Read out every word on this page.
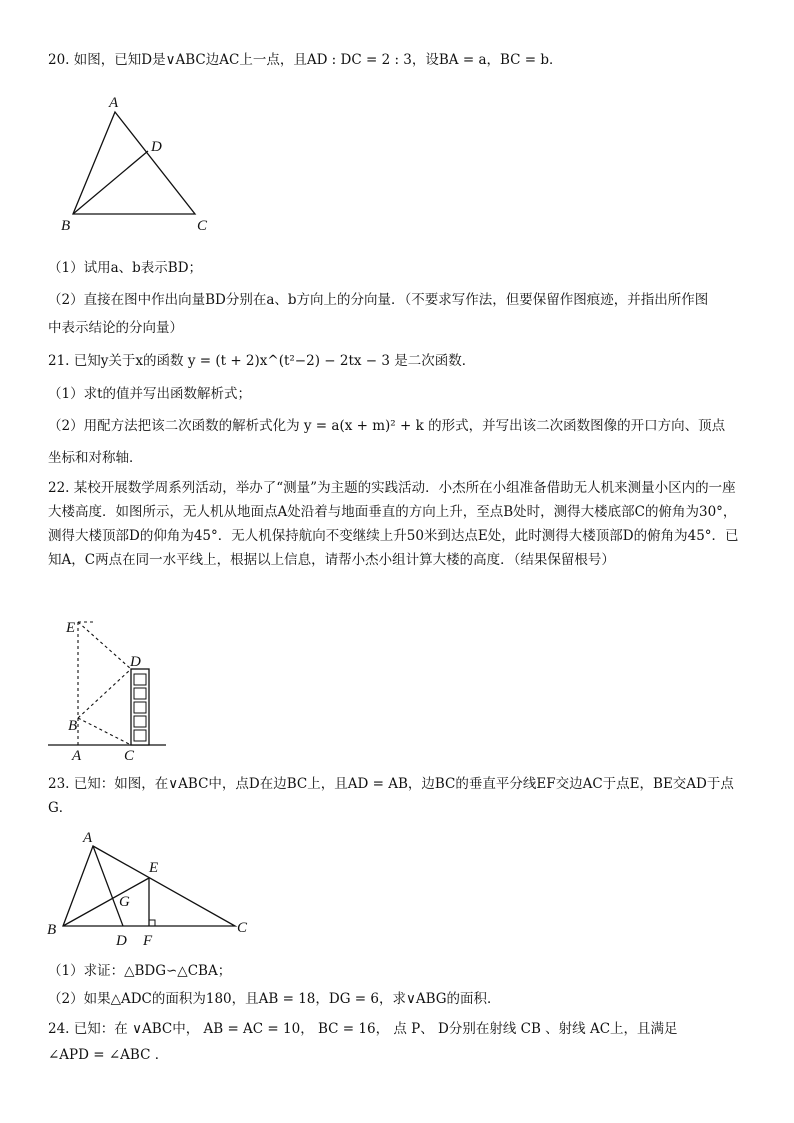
20. 如图，已知D是∨ABC边AC上一点，且AD : DC = 2 : 3，设BA = a，BC = b．
A
D
B	C
（1）试用a、b表示BD；
（2）直接在图中作出向量BD分别在a、b方向上的分向量．（不要求写作法，但要保留作图痕迹，并指出所作图
中表示结论的分向量）
21. 已知y关于x的函数 y = (t + 2)x^(t²−2) − 2tx − 3 是二次函数．
（1）求t的值并写出函数解析式；
（2）用配方法把该二次函数的解析式化为 y = a(x + m)² + k 的形式，并写出该二次函数图像的开口方向、顶点
坐标和对称轴．
22. 某校开展数学周系列活动，举办了“测量”为主题的实践活动．小杰所在小组准备借助无人机来测量小区内的一座大楼高度．如图所示，无人机从地面点A处沿着与地面垂直的方向上升，至点B处时，测得大楼底部C的俯角为30°，测得大楼顶部D的仰角为45°．无人机保持航向不变继续上升50米到达点E处，此时测得大楼顶部D的俯角为45°．已知A，C两点在同一水平线上，根据以上信息，请帮小杰小组计算大楼的高度．（结果保留根号）
E
D
B
A	C
23. 已知：如图，在∨ABC中，点D在边BC上，且AD = AB，边BC的垂直平分线EF交边AC于点E，BE交AD于点G．
A
E
G
B
D F
C
（1）求证：△BDG∽△CBA；
（2）如果△ADC的面积为180，且AB = 18，DG = 6，求∨ABG的面积．
24. 已知：在 ∨ABC中， AB = AC = 10， BC = 16， 点 P、 D分别在射线 CB 、射线 AC上，且满足
∠APD = ∠ABC ．
